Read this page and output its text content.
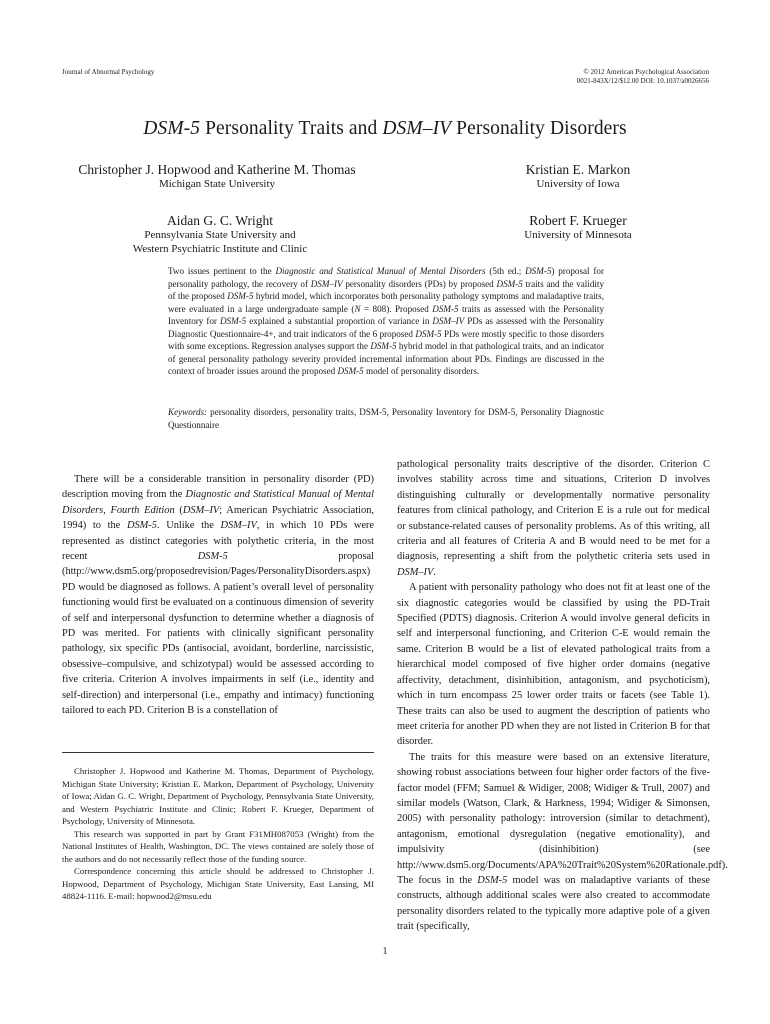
Journal of Abnormal Psychology	© 2012 American Psychological Association
0021-843X/12/$12.00 DOI: 10.1037/a0026656
DSM-5 Personality Traits and DSM–IV Personality Disorders
Christopher J. Hopwood and Katherine M. Thomas
Michigan State University
Kristian E. Markon
University of Iowa
Aidan G. C. Wright
Pennsylvania State University and
Western Psychiatric Institute and Clinic
Robert F. Krueger
University of Minnesota
Two issues pertinent to the Diagnostic and Statistical Manual of Mental Disorders (5th ed.; DSM-5) proposal for personality pathology, the recovery of DSM–IV personality disorders (PDs) by proposed DSM-5 traits and the validity of the proposed DSM-5 hybrid model, which incorporates both personality pathology symptoms and maladaptive traits, were evaluated in a large undergraduate sample (N = 808). Proposed DSM-5 traits as assessed with the Personality Inventory for DSM-5 explained a substantial proportion of variance in DSM–IV PDs as assessed with the Personality Diagnostic Questionnaire-4+, and trait indicators of the 6 proposed DSM-5 PDs were mostly specific to those disorders with some exceptions. Regression analyses support the DSM-5 hybrid model in that pathological traits, and an indicator of general personality pathology severity provided incremental information about PDs. Findings are discussed in the context of broader issues around the proposed DSM-5 model of personality disorders.
Keywords: personality disorders, personality traits, DSM-5, Personality Inventory for DSM-5, Personality Diagnostic Questionnaire

There will be a considerable transition in personality disorder (PD) description moving from the Diagnostic and Statistical Manual of Mental Disorders, Fourth Edition (DSM–IV; American Psychiatric Association, 1994) to the DSM-5. Unlike the DSM–IV, in which 10 PDs were represented as distinct categories with polythetic criteria, in the most recent DSM-5 proposal (http://www.dsm5.org/proposedrevision/Pages/PersonalityDisorders.aspx) PD would be diagnosed as follows. A patient’s overall level of personality functioning would first be evaluated on a continuous dimension of severity of self and interpersonal dysfunction to determine whether a diagnosis of PD was merited. For patients with clinically significant personality pathology, six specific PDs (antisocial, avoidant, borderline, narcissistic, obsessive–compulsive, and schizotypal) would be assessed according to five criteria. Criterion A involves impairments in self (i.e., identity and self-direction) and interpersonal (i.e., empathy and intimacy) functioning tailored to each PD. Criterion B is a constellation of

Christopher J. Hopwood and Katherine M. Thomas, Department of Psychology, Michigan State University; Kristian E. Markon, Department of Psychology, University of Iowa; Aidan G. C. Wright, Department of Psychology, Pennsylvania State University, and Western Psychiatric Institute and Clinic; Robert F. Krueger, Department of Psychology, University of Minnesota.

This research was supported in part by Grant F31MH087053 (Wright) from the National Institutes of Health, Washington, DC. The views contained are solely those of the authors and do not necessarily reflect those of the funding source.

Correspondence concerning this article should be addressed to Christopher J. Hopwood, Department of Psychology, Michigan State University, East Lansing, MI 48824-1116. E-mail: hopwood2@msu.edu

pathological personality traits descriptive of the disorder. Criterion C involves stability across time and situations, Criterion D involves distinguishing culturally or developmentally normative personality features from clinical pathology, and Criterion E is a rule out for medical or substance-related causes of personality problems. As of this writing, all criteria and all features of Criteria A and B would need to be met for a diagnosis, representing a shift from the polythetic criteria sets used in DSM–IV.

A patient with personality pathology who does not fit at least one of the six diagnostic categories would be classified by using the PD-Trait Specified (PDTS) diagnosis. Criterion A would involve general deficits in self and interpersonal functioning, and Criterion C-E would remain the same. Criterion B would be a list of elevated pathological traits from a hierarchical model composed of five higher order domains (negative affectivity, detachment, disinhibition, antagonism, and psychoticism), which in turn encompass 25 lower order traits or facets (see Table 1). These traits can also be used to augment the description of patients who meet criteria for another PD when they are not listed in Criterion B for that disorder.

The traits for this measure were based on an extensive literature, showing robust associations between four higher order factors of the five-factor model (FFM; Samuel & Widiger, 2008; Widiger & Trull, 2007) and similar models (Watson, Clark, & Harkness, 1994; Widiger & Simonsen, 2005) with personality pathology: introversion (similar to detachment), antagonism, emotional dysregulation (negative emotionality), and impulsivity (disinhibition) (see http://www.dsm5.org/Documents/APA%20Trait%20System%20Rationale.pdf). The focus in the DSM-5 model was on maladaptive variants of these constructs, although additional scales were also created to accommodate personality disorders related to the typically more adaptive pole of a given trait (specifically,

1
